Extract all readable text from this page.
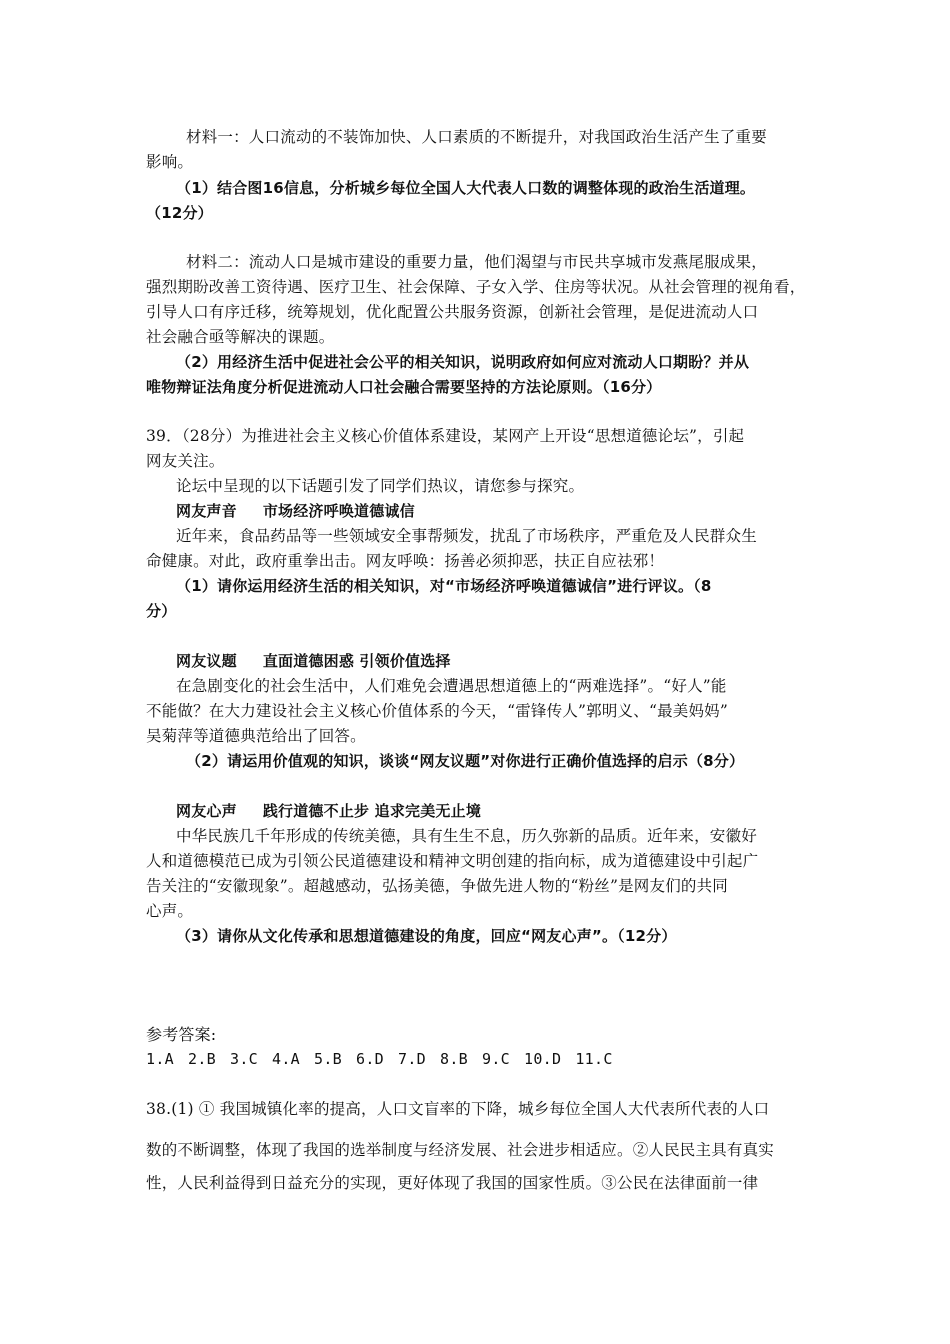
材料一：人口流动的不装饰加快、人口素质的不断提升，对我国政治生活产生了重要
影响。
（1）结合图16信息，分析城乡每位全国人大代表人口数的调整体现的政治生活道理。
（12分）
材料二：流动人口是城市建设的重要力量，他们渴望与市民共享城市发燕尾服成果，
强烈期盼改善工资待遇、医疗卫生、社会保障、子女入学、住房等状况。从社会管理的视角看，
引导人口有序迁移，统筹规划，优化配置公共服务资源，创新社会管理，是促进流动人口
社会融合亟等解决的课题。
（2）用经济生活中促进社会公平的相关知识，说明政府如何应对流动人口期盼？并从
唯物辩证法角度分析促进流动人口社会融合需要坚持的方法论原则。（16分）
39．（28分）为推进社会主义核心价值体系建设，某网产上开设“思想道德论坛”，引起
网友关注。
论坛中呈现的以下话题引发了同学们热议，请您参与探究。
网友声音 市场经济呼唤道德诚信
近年来，食品药品等一些领域安全事帮频发，扰乱了市场秩序，严重危及人民群众生
命健康。对此，政府重拳出击。网友呼唤：扬善必须抑恶，扶正自应祛邪！
（1）请你运用经济生活的相关知识，对“市场经济呼唤道德诚信”进行评议。（8
分）
网友议题 直面道德困惑 引领价值选择
在急剧变化的社会生活中，人们难免会遭遇思想道德上的“两难选择”。“好人”能
不能做？在大力建设社会主义核心价值体系的今天，“雷锋传人”郭明义、“最美妈妈”
吴菊萍等道德典范给出了回答。
（2）请运用价值观的知识，谈谈“网友议题”对你进行正确价值选择的启示（8分）
网友心声 践行道德不止步 追求完美无止境
中华民族几千年形成的传统美德，具有生生不息，历久弥新的品质。近年来，安徽好
人和道德模范已成为引领公民道德建设和精神文明创建的指向标，成为道德建设中引起广
告关注的“安徽现象”。超越感动，弘扬美德，争做先进人物的“粉丝”是网友们的共同
心声。
（3）请你从文化传承和思想道德建设的角度，回应“网友心声”。（12分）
参考答案:
1.A 2.B 3.C 4.A 5.B 6.D 7.D 8.B 9.C 10.D 11.C
38.(1) ① 我国城镇化率的提高，人口文盲率的下降，城乡每位全国人大代表所代表的人口
数的不断调整，体现了我国的选举制度与经济发展、社会进步相适应。②人民民主具有真实
性，人民利益得到日益充分的实现，更好体现了我国的国家性质。③公民在法律面前一律
